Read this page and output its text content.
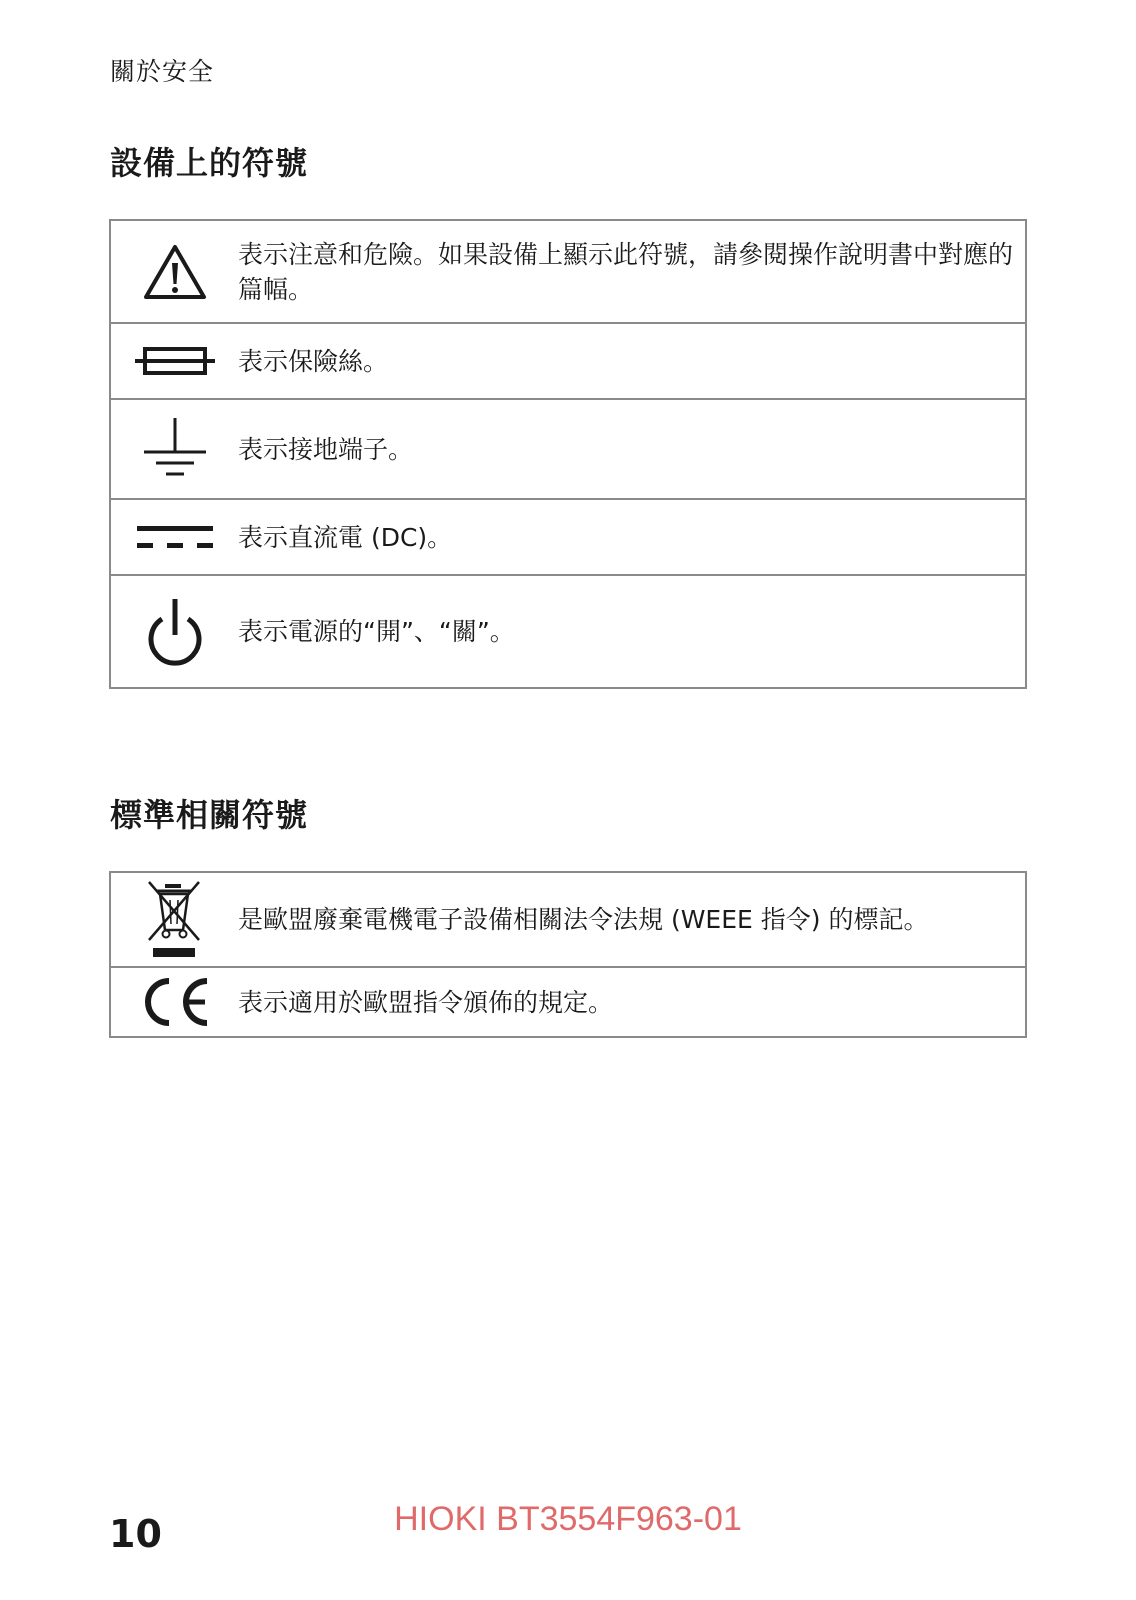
關於安全
設備上的符號
	表示注意和危險。如果設備上顯示此符號，請參閱操作說明書中對應的篇幅。

	表示保險絲。

	表示接地端子。

	表示直流電 (DC)。

	表示電源的“開”、“關”。
標準相關符號
	是歐盟廢棄電機電子設備相關法令法規 (WEEE 指令) 的標記。

	表示適用於歐盟指令頒佈的規定。
10	HIOKI BT3554F963-01
